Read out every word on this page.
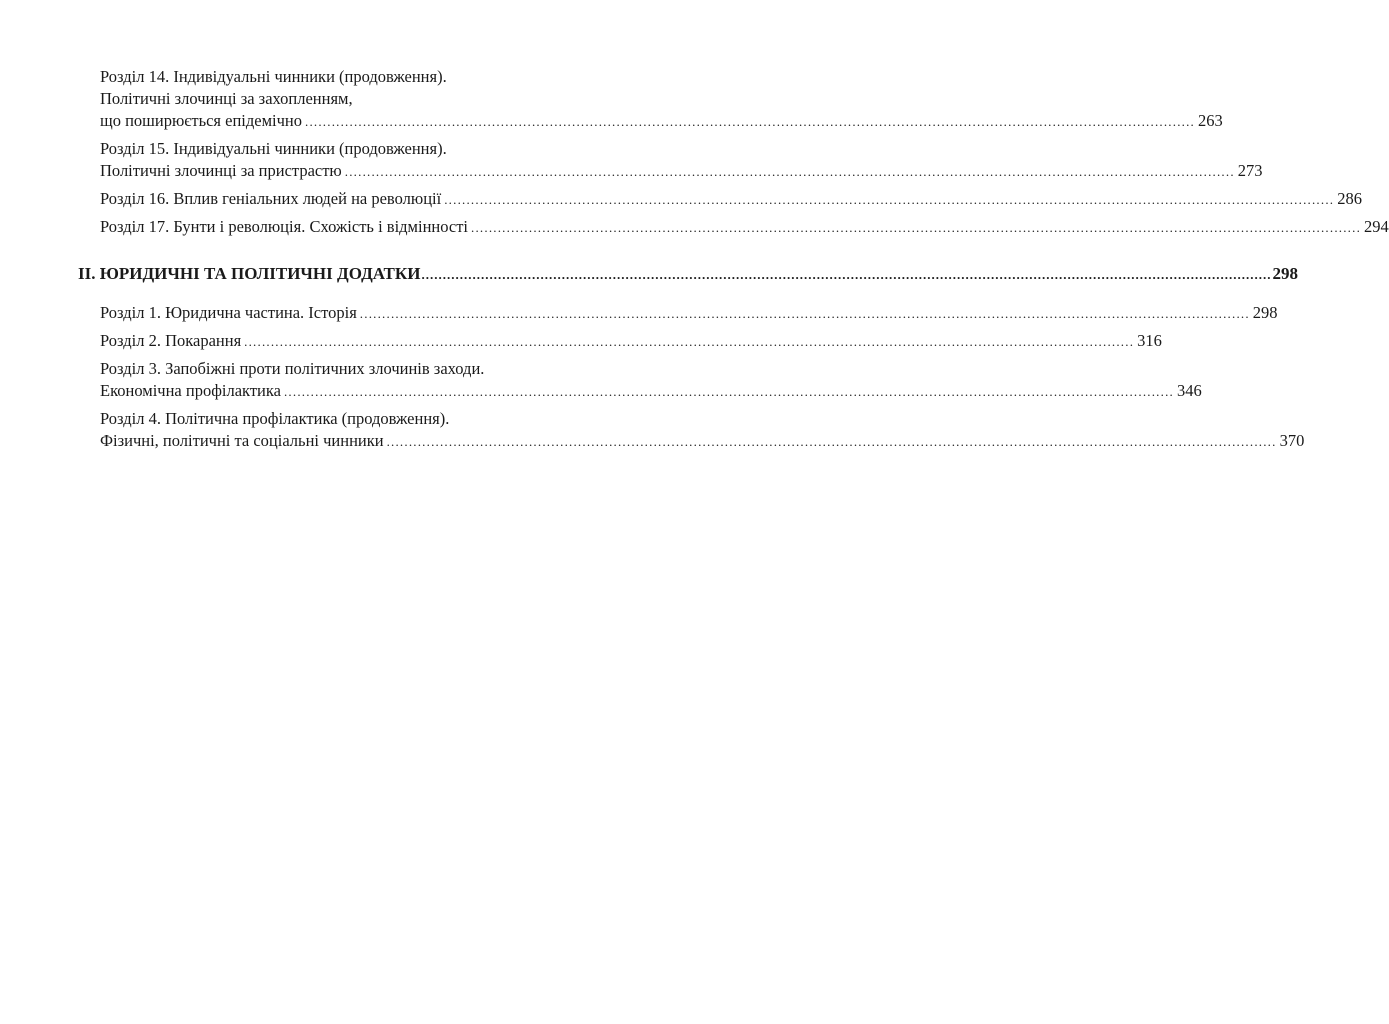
Розділ 14. Індивідуальні чинники (продовження).
Політичні злочинці за захопленням,
що поширюється епідемічно ........................................................................................................................................................................................................ 263
Розділ 15. Індивідуальні чинники (продовження).
Політичні злочинці за пристрастю ........................................................................................................................................................................................................ 273
Розділ 16. Вплив геніальних людей на революції ........................................................................................................................................................................................................ 286
Розділ 17. Бунти і революція. Схожість і відмінності ........................................................................................................................................................................................................ 294
II. ЮРИДИЧНІ ТА ПОЛІТИЧНІ ДОДАТКИ ........................................................................................................................................................................................................ 298
Розділ 1. Юридична частина. Історія ........................................................................................................................................................................................................ 298
Розділ 2. Покарання ........................................................................................................................................................................................................ 316
Розділ 3. Запобіжні проти політичних злочинів заходи.
Економічна профілактика ........................................................................................................................................................................................................ 346
Розділ 4. Політична профілактика (продовження).
Фізичні, політичні та соціальні чинники ........................................................................................................................................................................................................ 370
